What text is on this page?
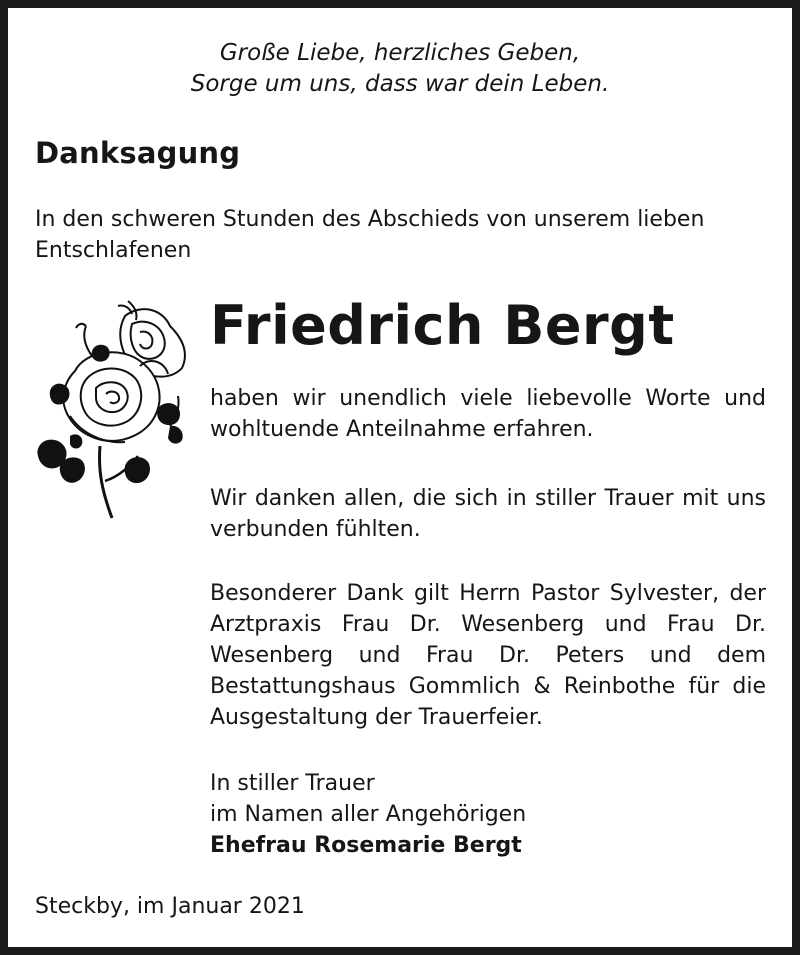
Große Liebe, herzliches Geben,
Sorge um uns, dass war dein Leben.
Danksagung
In den schweren Stunden des Abschieds von unserem lieben Entschlafenen
Friedrich Bergt
haben wir unendlich viele liebevolle Worte und wohltuende Anteilnahme erfahren.
Wir danken allen, die sich in stiller Trauer mit uns verbunden fühlten.
Besonderer Dank gilt Herrn Pastor Sylvester, der Arztpraxis Frau Dr. Wesenberg und Frau Dr. Wesenberg und Frau Dr. Peters und dem Bestattungshaus Gommlich & Reinbothe für die Ausgestaltung der Trauerfeier.
In stiller Trauer
im Namen aller Angehörigen
Ehefrau Rosemarie Bergt
Steckby, im Januar 2021
